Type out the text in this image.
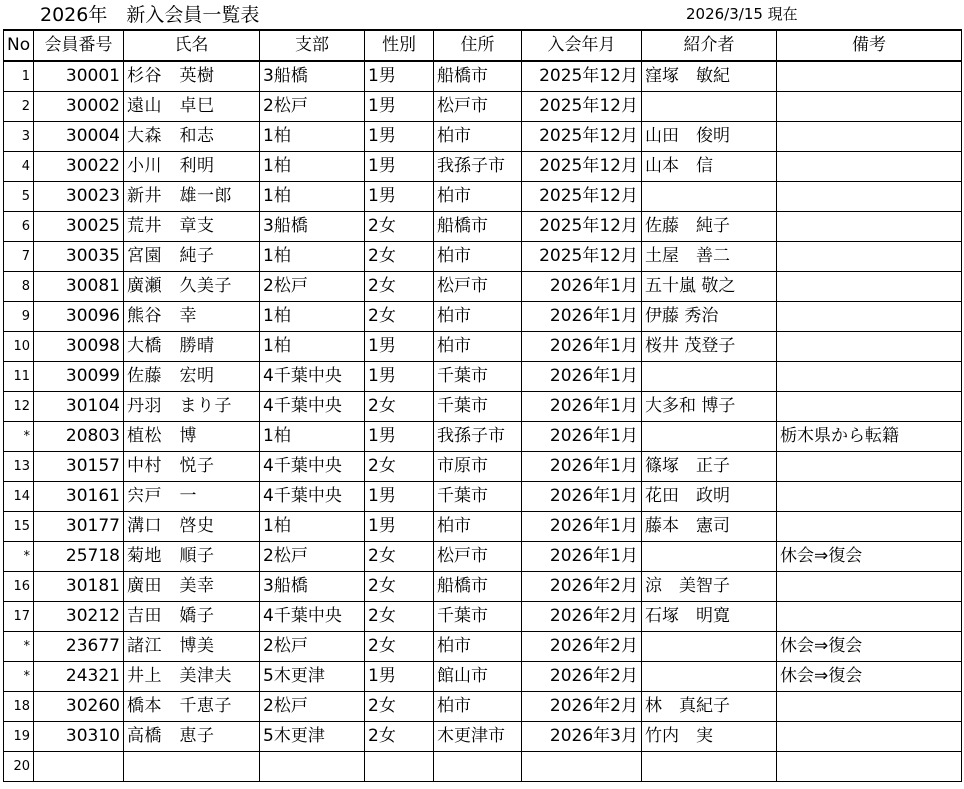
2026年　新入会員一覧表	2026/3/15 現在
No	会員番号	氏名	支部	性別	住所	入会年月	紹介者	備考
1	30001	杉谷　英樹	3船橋	1男	船橋市	2025年12月	窪塚　敏紀	
2	30002	遠山　卓巳	2松戸	1男	松戸市	2025年12月		
3	30004	大森　和志	1柏	1男	柏市	2025年12月	山田　俊明	
4	30022	小川　利明	1柏	1男	我孫子市	2025年12月	山本　信	
5	30023	新井　雄一郎	1柏	1男	柏市	2025年12月		
6	30025	荒井　章支	3船橋	2女	船橋市	2025年12月	佐藤　純子	
7	30035	宮園　純子	1柏	2女	柏市	2025年12月	土屋　善二	
8	30081	廣瀬　久美子	2松戸	2女	松戸市	2026年1月	五十嵐 敬之	
9	30096	熊谷　幸	1柏	2女	柏市	2026年1月	伊藤 秀治	
10	30098	大橋　勝晴	1柏	1男	柏市	2026年1月	桜井 茂登子	
11	30099	佐藤　宏明	4千葉中央	1男	千葉市	2026年1月		
12	30104	丹羽　まり子	4千葉中央	2女	千葉市	2026年1月	大多和 博子	
*	20803	植松　博	1柏	1男	我孫子市	2026年1月		栃木県から転籍
13	30157	中村　悦子	4千葉中央	2女	市原市	2026年1月	篠塚　正子	
14	30161	宍戸　一	4千葉中央	1男	千葉市	2026年1月	花田　政明	
15	30177	溝口　啓史	1柏	1男	柏市	2026年1月	藤本　憲司	
*	25718	菊地　順子	2松戸	2女	松戸市	2026年1月		休会⇒復会
16	30181	廣田　美幸	3船橋	2女	船橋市	2026年2月	涼　美智子	
17	30212	吉田　嬌子	4千葉中央	2女	千葉市	2026年2月	石塚　明寛	
*	23677	諸江　博美	2松戸	2女	柏市	2026年2月		休会⇒復会
*	24321	井上　美津夫	5木更津	1男	館山市	2026年2月		休会⇒復会
18	30260	橋本　千恵子	2松戸	2女	柏市	2026年2月	林　真紀子	
19	30310	高橋　恵子	5木更津	2女	木更津市	2026年3月	竹内　実	
20								
